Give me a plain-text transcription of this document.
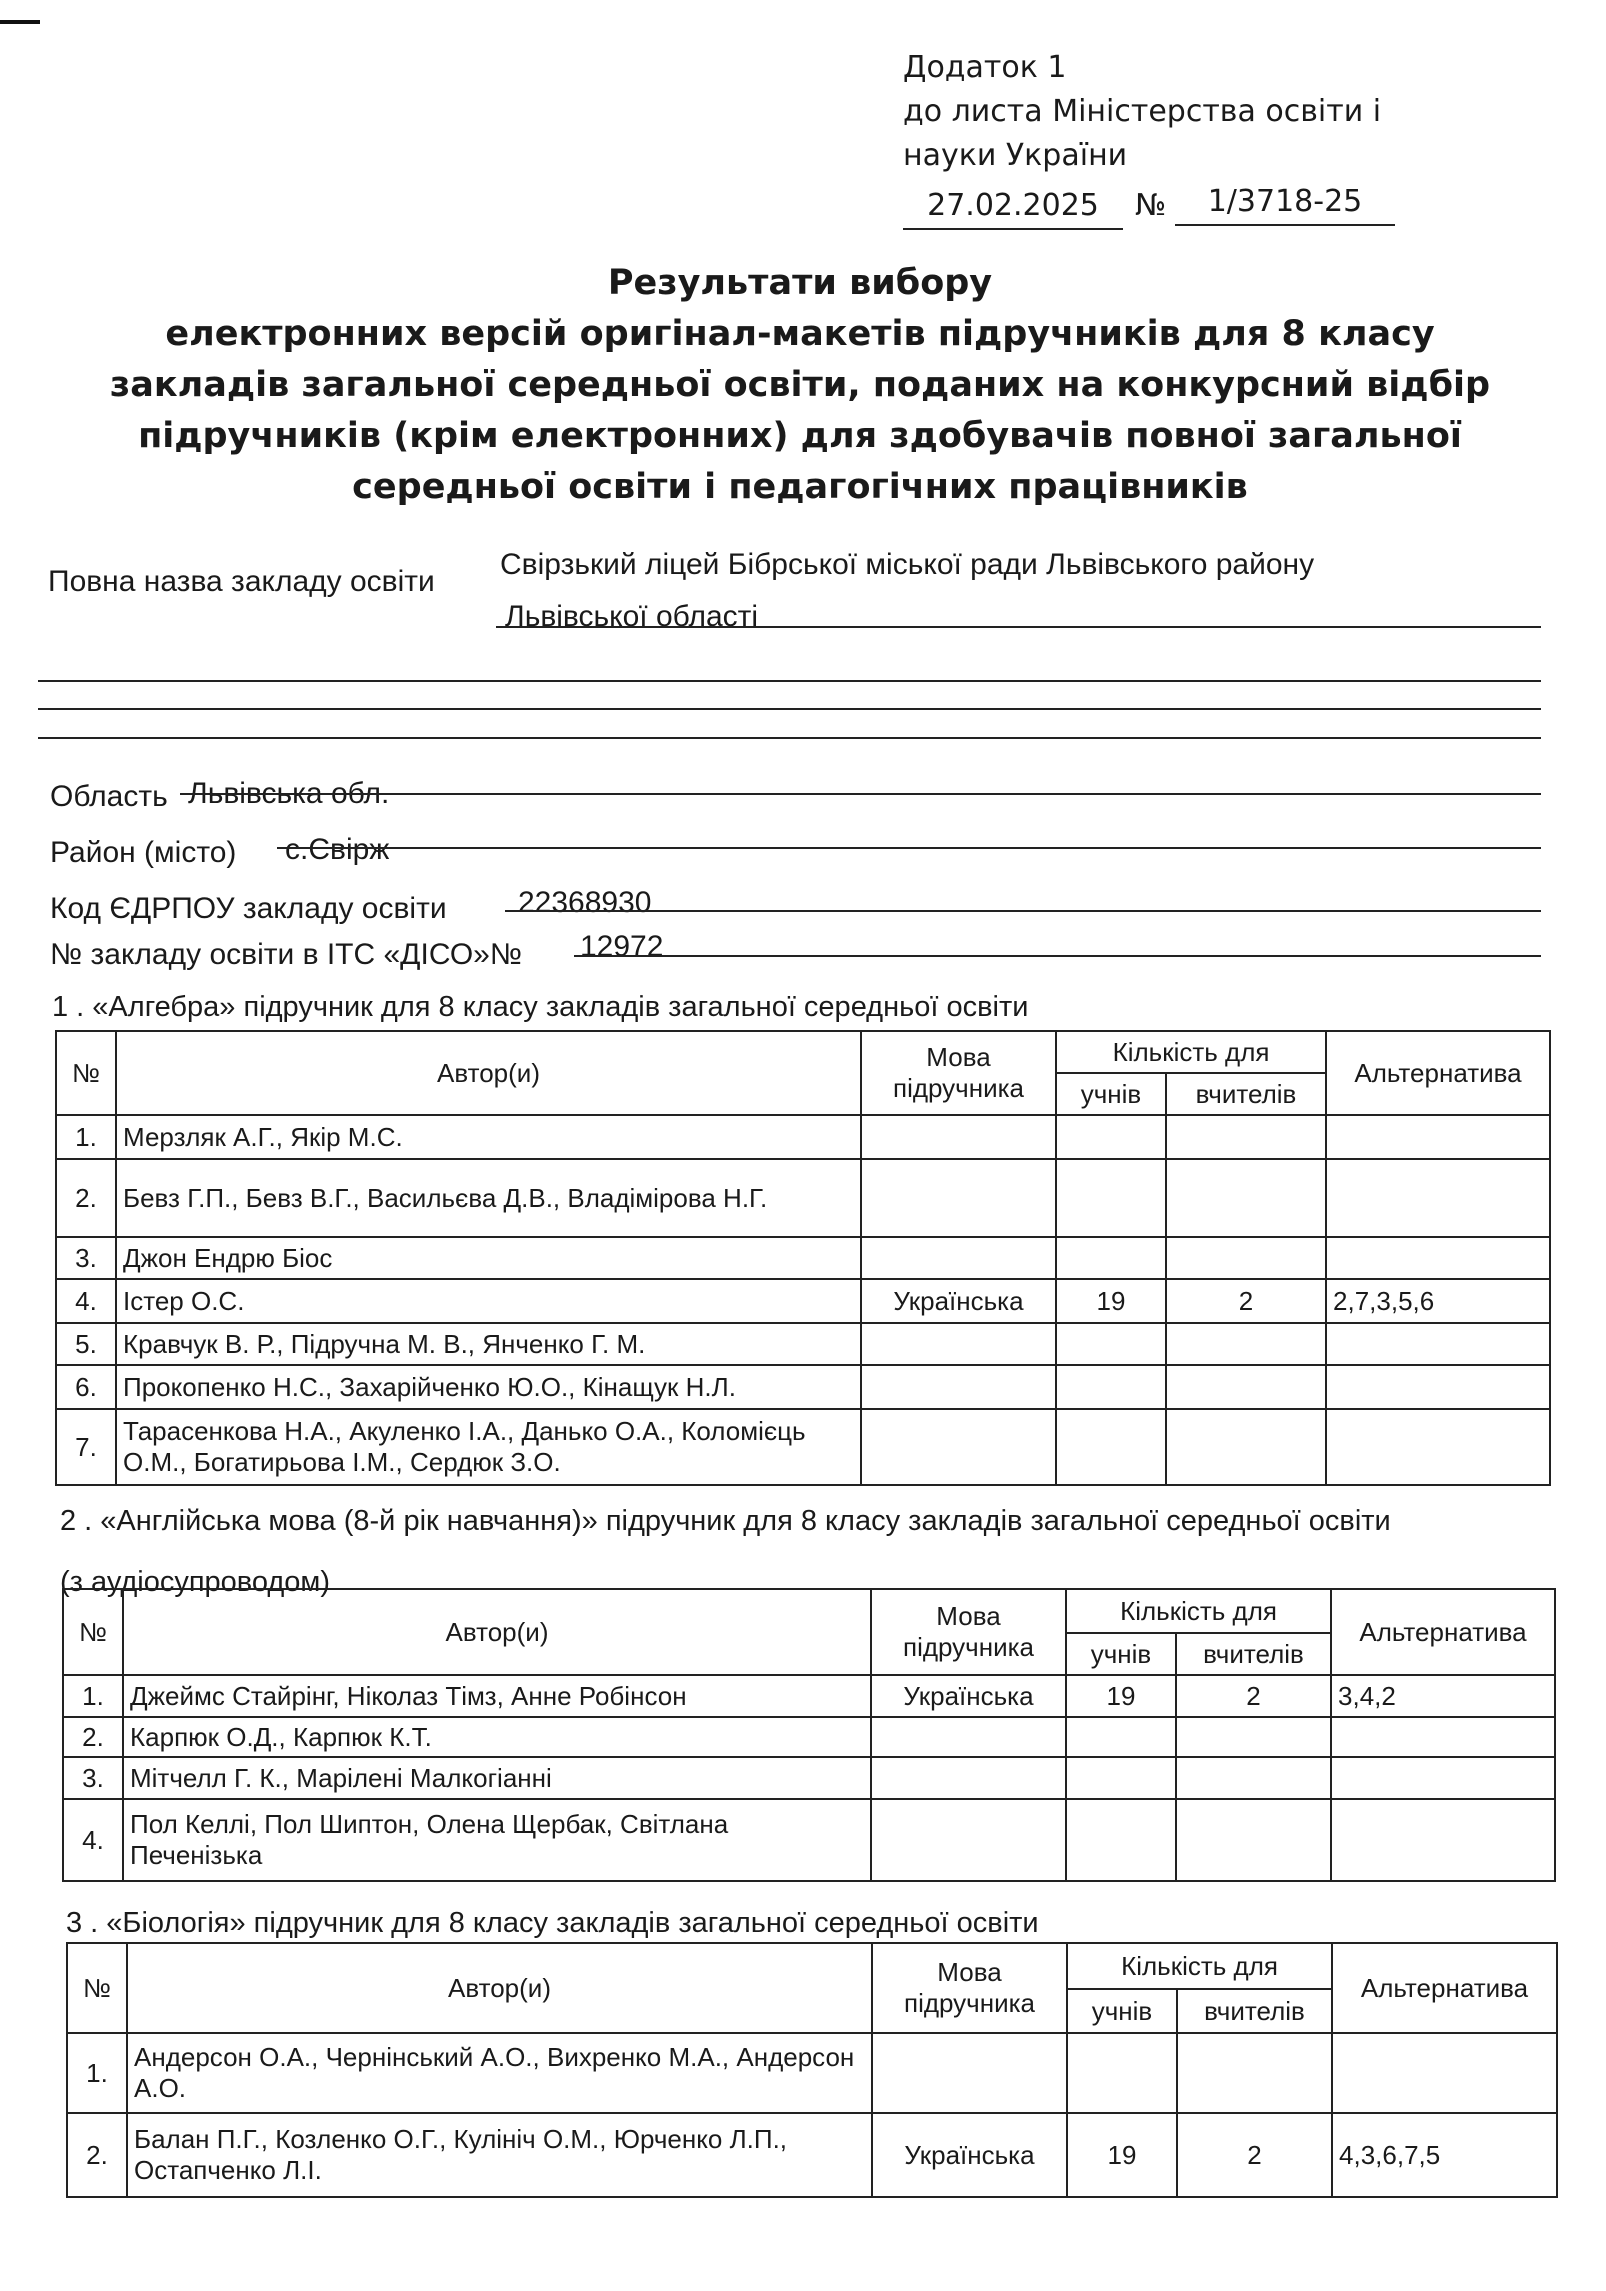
Додаток 1
до листа Міністерства освіти і
науки України
27.02.2025	№	1/3718-25
Результати вибору
електронних версій оригінал-макетів підручників для 8 класу
закладів загальної середньої освіти, поданих на конкурсний відбір
підручників (крім електронних) для здобувачів повної загальної
середньої освіти і педагогічних працівників
Повна назва закладу освіти
Свірзький ліцей Бібрської міської ради Львівського району
Львівської області
Область Львівська обл.
Район (місто) с.Свірж
Код ЄДРПОУ закладу освіти 22368930
№ закладу освіти в ІТС «ДІСО»№ 12972
1 . «Алгебра» підручник для 8 класу закладів загальної середньої освіти
№	Автор(и)	Мова підручника	Кількість для		Альтернатива
			учнів	вчителів	
1.	Мерзляк А.Г., Якір М.С.				
2.	Бевз Г.П., Бевз В.Г., Васильєва Д.В., Владімірова Н.Г.				
3.	Джон Ендрю Біос				
4.	Істер О.С.	Українська	19	2	2,7,3,5,6
5.	Кравчук В. Р., Підручна М. В., Янченко Г. М.				
6.	Прокопенко Н.С., Захарійченко Ю.О., Кінащук Н.Л.				
7.	Тарасенкова Н.А., Акуленко І.А., Данько О.А., Коломієць О.М., Богатирьова І.М., Сердюк З.О.				
2 . «Англійська мова (8-й рік навчання)» підручник для 8 класу закладів загальної середньої освіти
(з аудіосупроводом)
№	Автор(и)	Мова підручника	Кількість для		Альтернатива
			учнів	вчителів	
1.	Джеймс Стайрінг, Ніколаз Тімз, Анне Робінсон	Українська	19	2	3,4,2
2.	Карпюк О.Д., Карпюк К.Т.				
3.	Мітчелл Г. К., Марілені Малкогіанні				
4.	Пол Келлі, Пол Шиптон, Олена Щербак, Світлана Печенізька				
3 . «Біологія» підручник для 8 класу закладів загальної середньої освіти
№	Автор(и)	Мова підручника	Кількість для		Альтернатива
			учнів	вчителів	
1.	Андерсон О.А., Чернінський А.О., Вихренко М.А., Андерсон А.О.				
2.	Балан П.Г., Козленко О.Г., Кулініч О.М., Юрченко Л.П., Остапченко Л.І.	Українська	19	2	4,3,6,7,5
